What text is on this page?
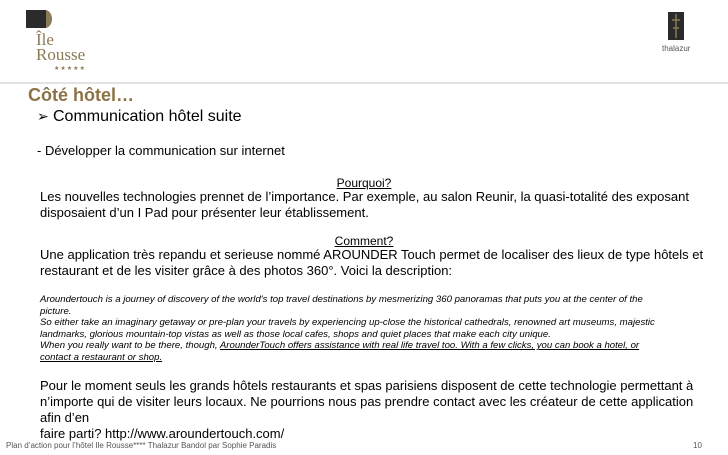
Île
Rousse
★★★★★
thalazur
Côté hôtel…
➢ Communication hôtel suite
- Développer la communication sur internet
Pourquoi?
Les nouvelles technologies prennet de l’importance. Par exemple, au salon Reunir, la quasi-totalité des exposant
disposaient d’un I Pad pour présenter leur établissement.
Comment?
Une application très repandu et serieuse nommé AROUNDER Touch permet de localiser des lieux de type hôtels et
restaurant et de les visiter grâce à des photos 360°. Voici la description:
Aroundertouch is a journey of discovery of the world's top travel destinations by mesmerizing 360 panoramas that puts you at the center of the
picture.
So either take an imaginary getaway or pre-plan your travels by experiencing up-close the historical cathedrals, renowned art museums, majestic
landmarks, glorious mountain-top vistas as well as those local cafes, shops and quiet places that make each city unique.
When you really want to be there, though, ArounderTouch offers assistance with real life travel too. With a few clicks, you can book a hotel, or
contact a restaurant or shop.
Pour le moment seuls les grands hôtels restaurants et spas parisiens disposent de cette technologie permettant à
n’importe qui de visiter leurs locaux. Ne pourrions nous pas prendre contact avec les créateur de cette application afin d’en
faire parti? http://www.aroundertouch.com/
Plan d’action pour l’hôtel Ile Rousse**** Thalazur Bandol par Sophie Paradis	10
